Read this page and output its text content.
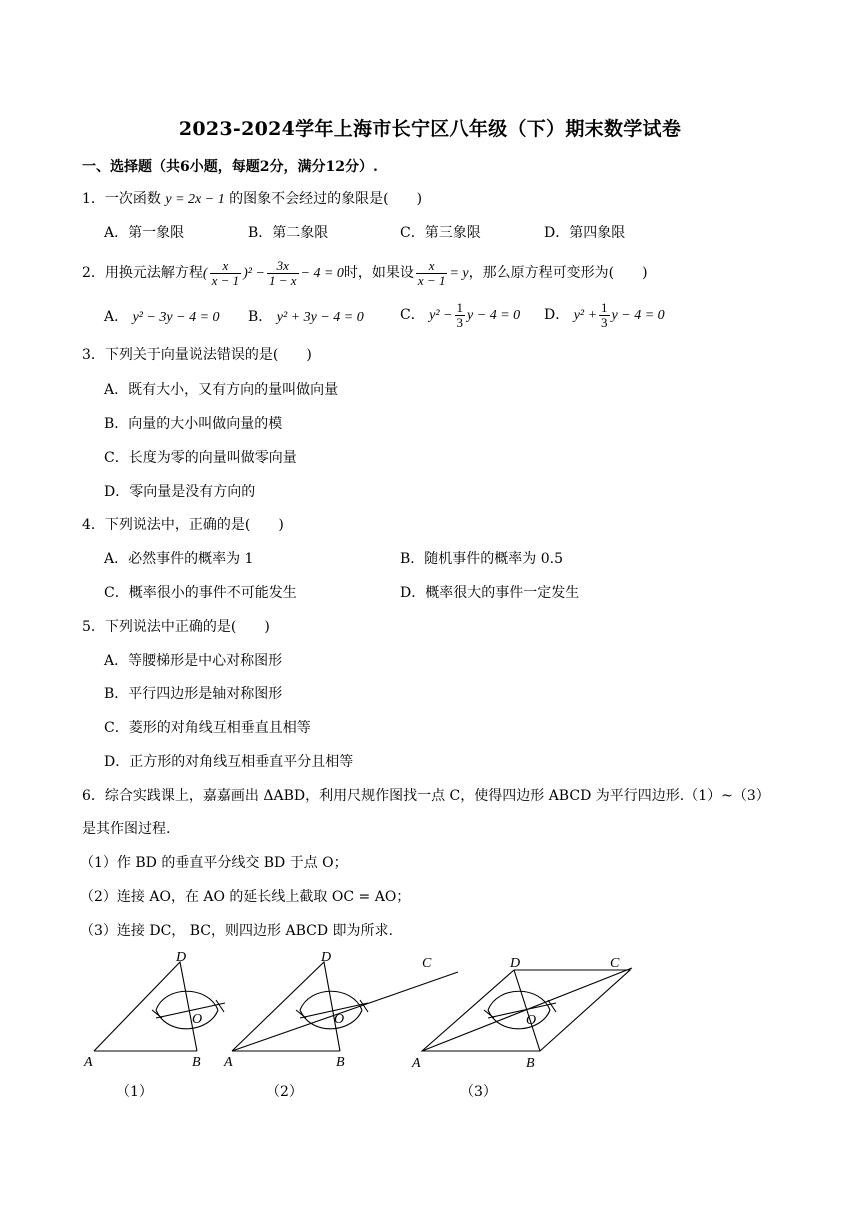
2023-2024学年上海市长宁区八年级（下）期末数学试卷
一、选择题（共6小题，每题2分，满分12分）.
1．一次函数 y = 2x − 1 的图象不会经过的象限是(　　)
A．第一象限	B．第二象限	C．第三象限	D．第四象限
2．用换元法解方程( $\frac{x}{x - 1} )^2 - \frac{3x}{1 - x} - 4 = 0$时，如果设 $\frac{x}{x - 1} = y$，那么原方程可变形为(　　)
A． y² − 3y − 4 = 0 B． y² + 3y − 4 = 0	C． $y^2 - \frac{1}{3}$ y − 4 = 0 D． $y^2 + \frac{1}{3}$ y − 4 = 0
3．下列关于向量说法错误的是(　　)
A．既有大小，又有方向的量叫做向量
B．向量的大小叫做向量的模
C．长度为零的向量叫做零向量
D．零向量是没有方向的
4．下列说法中，正确的是(　　)
A．必然事件的概率为 1	B．随机事件的概率为 0.5
C．概率很小的事件不可能发生	D．概率很大的事件一定发生
5．下列说法中正确的是(　　)
A．等腰梯形是中心对称图形
B．平行四边形是轴对称图形
C．菱形的对角线互相垂直且相等
D．正方形的对角线互相垂直平分且相等
6．综合实践课上，嘉嘉画出 ΔABD，利用尺规作图找一点 C，使得四边形 ABCD 为平行四边形.（1）~（3）
是其作图过程.
（1）作 BD 的垂直平分线交 BD 于点 O；
（2）连接 AO，在 AO 的延长线上截取 OC = AO；
（3）连接 DC， BC，则四边形 ABCD 即为所求.
A	B
D
O
A	B
D	C
O
A	B
D	C
O
（1）	（2）	（3）
